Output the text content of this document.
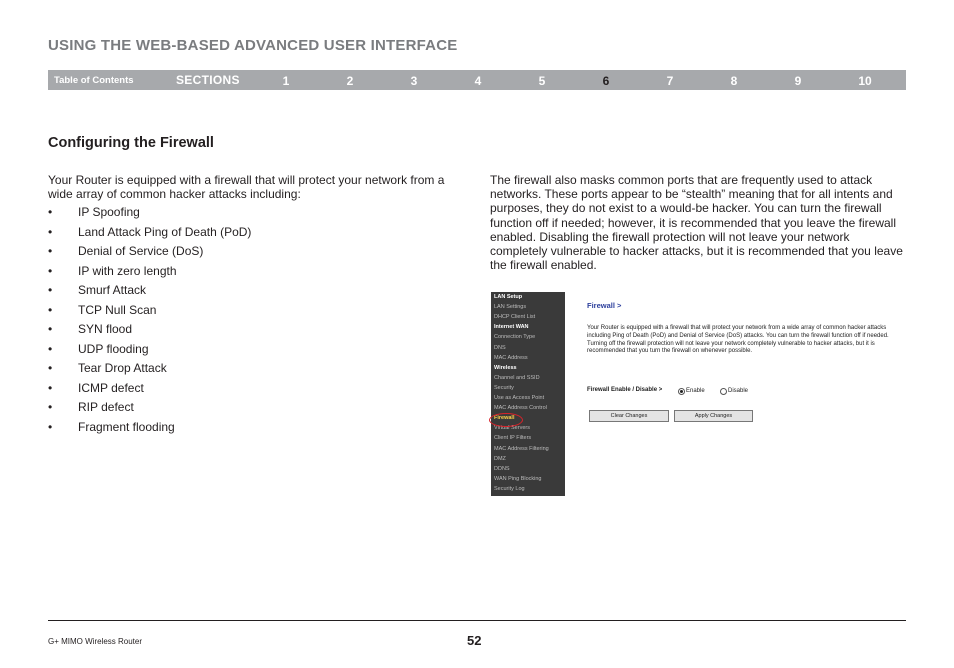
USING THE WEB-BASED ADVANCED USER INTERFACE
Table of Contents	SECTIONS	1	2	3	4	5	6	7	8	9	10
Configuring the Firewall
Your Router is equipped with a firewall that will protect your network from a wide array of common hacker attacks including:
• IP Spoofing
• Land Attack Ping of Death (PoD)
• Denial of Service (DoS)
• IP with zero length
• Smurf Attack
• TCP Null Scan
• SYN flood
• UDP flooding
• Tear Drop Attack
• ICMP defect
• RIP defect
• Fragment flooding
The firewall also masks common ports that are frequently used to attack networks. These ports appear to be “stealth” meaning that for all intents and purposes, they do not exist to a would-be hacker. You can turn the firewall function off if needed; however, it is recommended that you leave the firewall enabled. Disabling the firewall protection will not leave your network completely vulnerable to hacker attacks, but it is recommended that you leave the firewall enabled.
LAN Setup
LAN Settings
DHCP Client List
Internet WAN
Connection Type
DNS
MAC Address
Wireless
Channel and SSID
Security
Use as Access Point
MAC Address Control
Firewall
Virtual Servers
Client IP Filters
MAC Address Filtering
DMZ
DDNS
WAN Ping Blocking
Security Log
Firewall >
Your Router is equipped with a firewall that will protect your network from a wide array of common hacker attacks including Ping of Death (PoD) and Denial of Service (DoS) attacks. You can turn the firewall function off if needed. Turning off the firewall protection will not leave your network completely vulnerable to hacker attacks, but it is recommended that you turn the firewall on whenever possible.
Firewall Enable / Disable >	Enable	Disable
Clear Changes	Apply Changes
G+ MIMO Wireless Router	52
